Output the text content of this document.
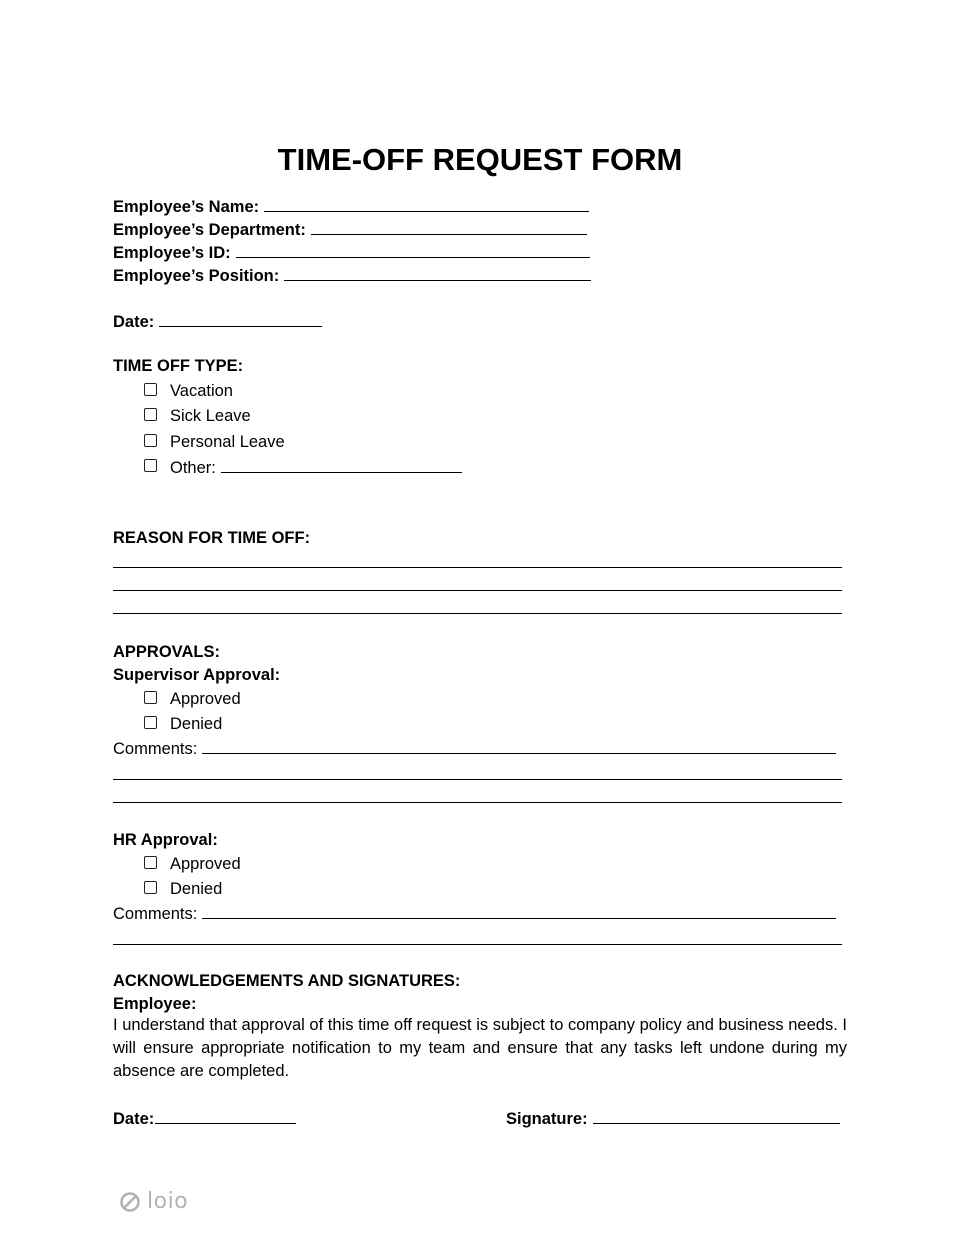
TIME-OFF REQUEST FORM
Employee’s Name:
Employee’s Department:
Employee’s ID:
Employee’s Position:
Date:
TIME OFF TYPE:
Vacation
Sick Leave
Personal Leave
Other:
REASON FOR TIME OFF:
APPROVALS:
Supervisor Approval:
Approved
Denied
Comments:
HR Approval:
Approved
Denied
Comments:
ACKNOWLEDGEMENTS AND SIGNATURES:
Employee:

I understand that approval of this time off request is subject to company policy and business needs. I will ensure appropriate notification to my team and ensure that any tasks left undone during my absence are completed.

Date:	Signature:
loio
